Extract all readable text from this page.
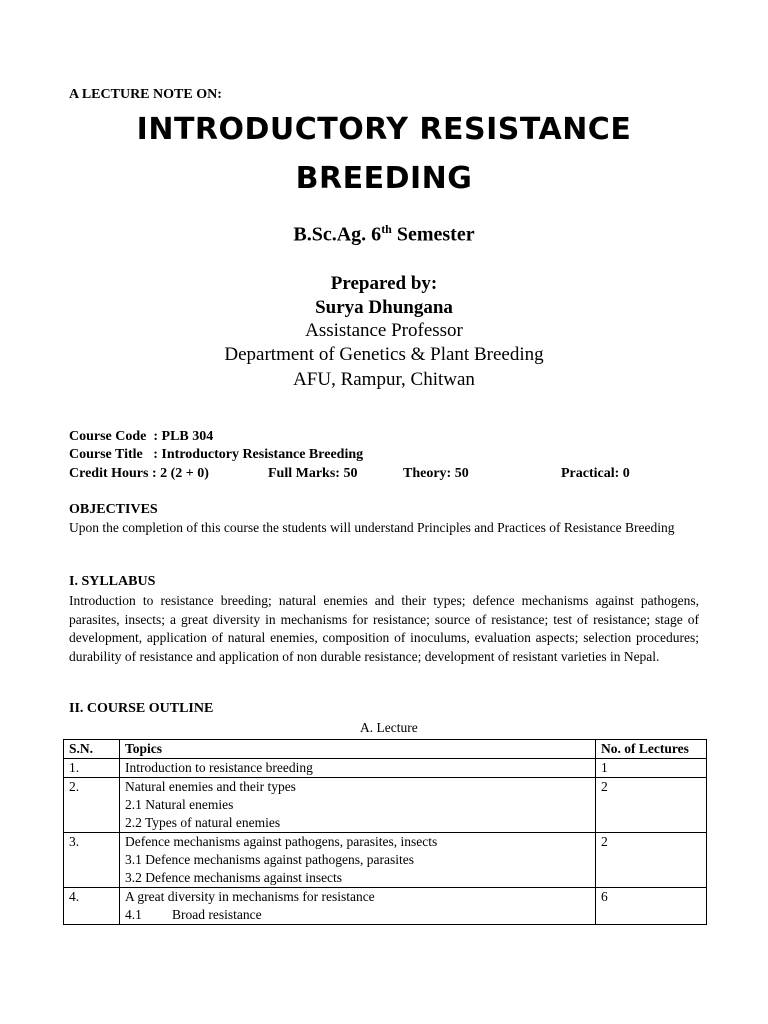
A LECTURE NOTE ON:
INTRODUCTORY RESISTANCE
BREEDING
B.Sc.Ag. 6th Semester
Prepared by:
Surya Dhungana
Assistance Professor
Department of Genetics & Plant Breeding
AFU, Rampur, Chitwan
Course Code  : PLB 304
Course Title   : Introductory Resistance Breeding
Credit Hours : 2 (2 + 0)	Full Marks: 50	Theory: 50	Practical: 0
OBJECTIVES
Upon the completion of this course the students will understand Principles and Practices of Resistance Breeding
I. SYLLABUS
Introduction to resistance breeding; natural enemies and their types; defence mechanisms against pathogens, parasites, insects; a great diversity in mechanisms for resistance; source of resistance; test of resistance; stage of development, application of natural enemies, composition of inoculums, evaluation aspects; selection procedures; durability of resistance and application of non durable resistance; development of resistant varieties in Nepal.
II. COURSE OUTLINE
A. Lecture
S.N.	Topics	No. of Lectures
1.	Introduction to resistance breeding	1
2.	Natural enemies and their types
2.1 Natural enemies
2.2 Types of natural enemies	2
3.	Defence mechanisms against pathogens, parasites, insects
3.1 Defence mechanisms against pathogens, parasites
3.2 Defence mechanisms against insects	2
4.	A great diversity in mechanisms for resistance
4.1 Broad resistance	6
